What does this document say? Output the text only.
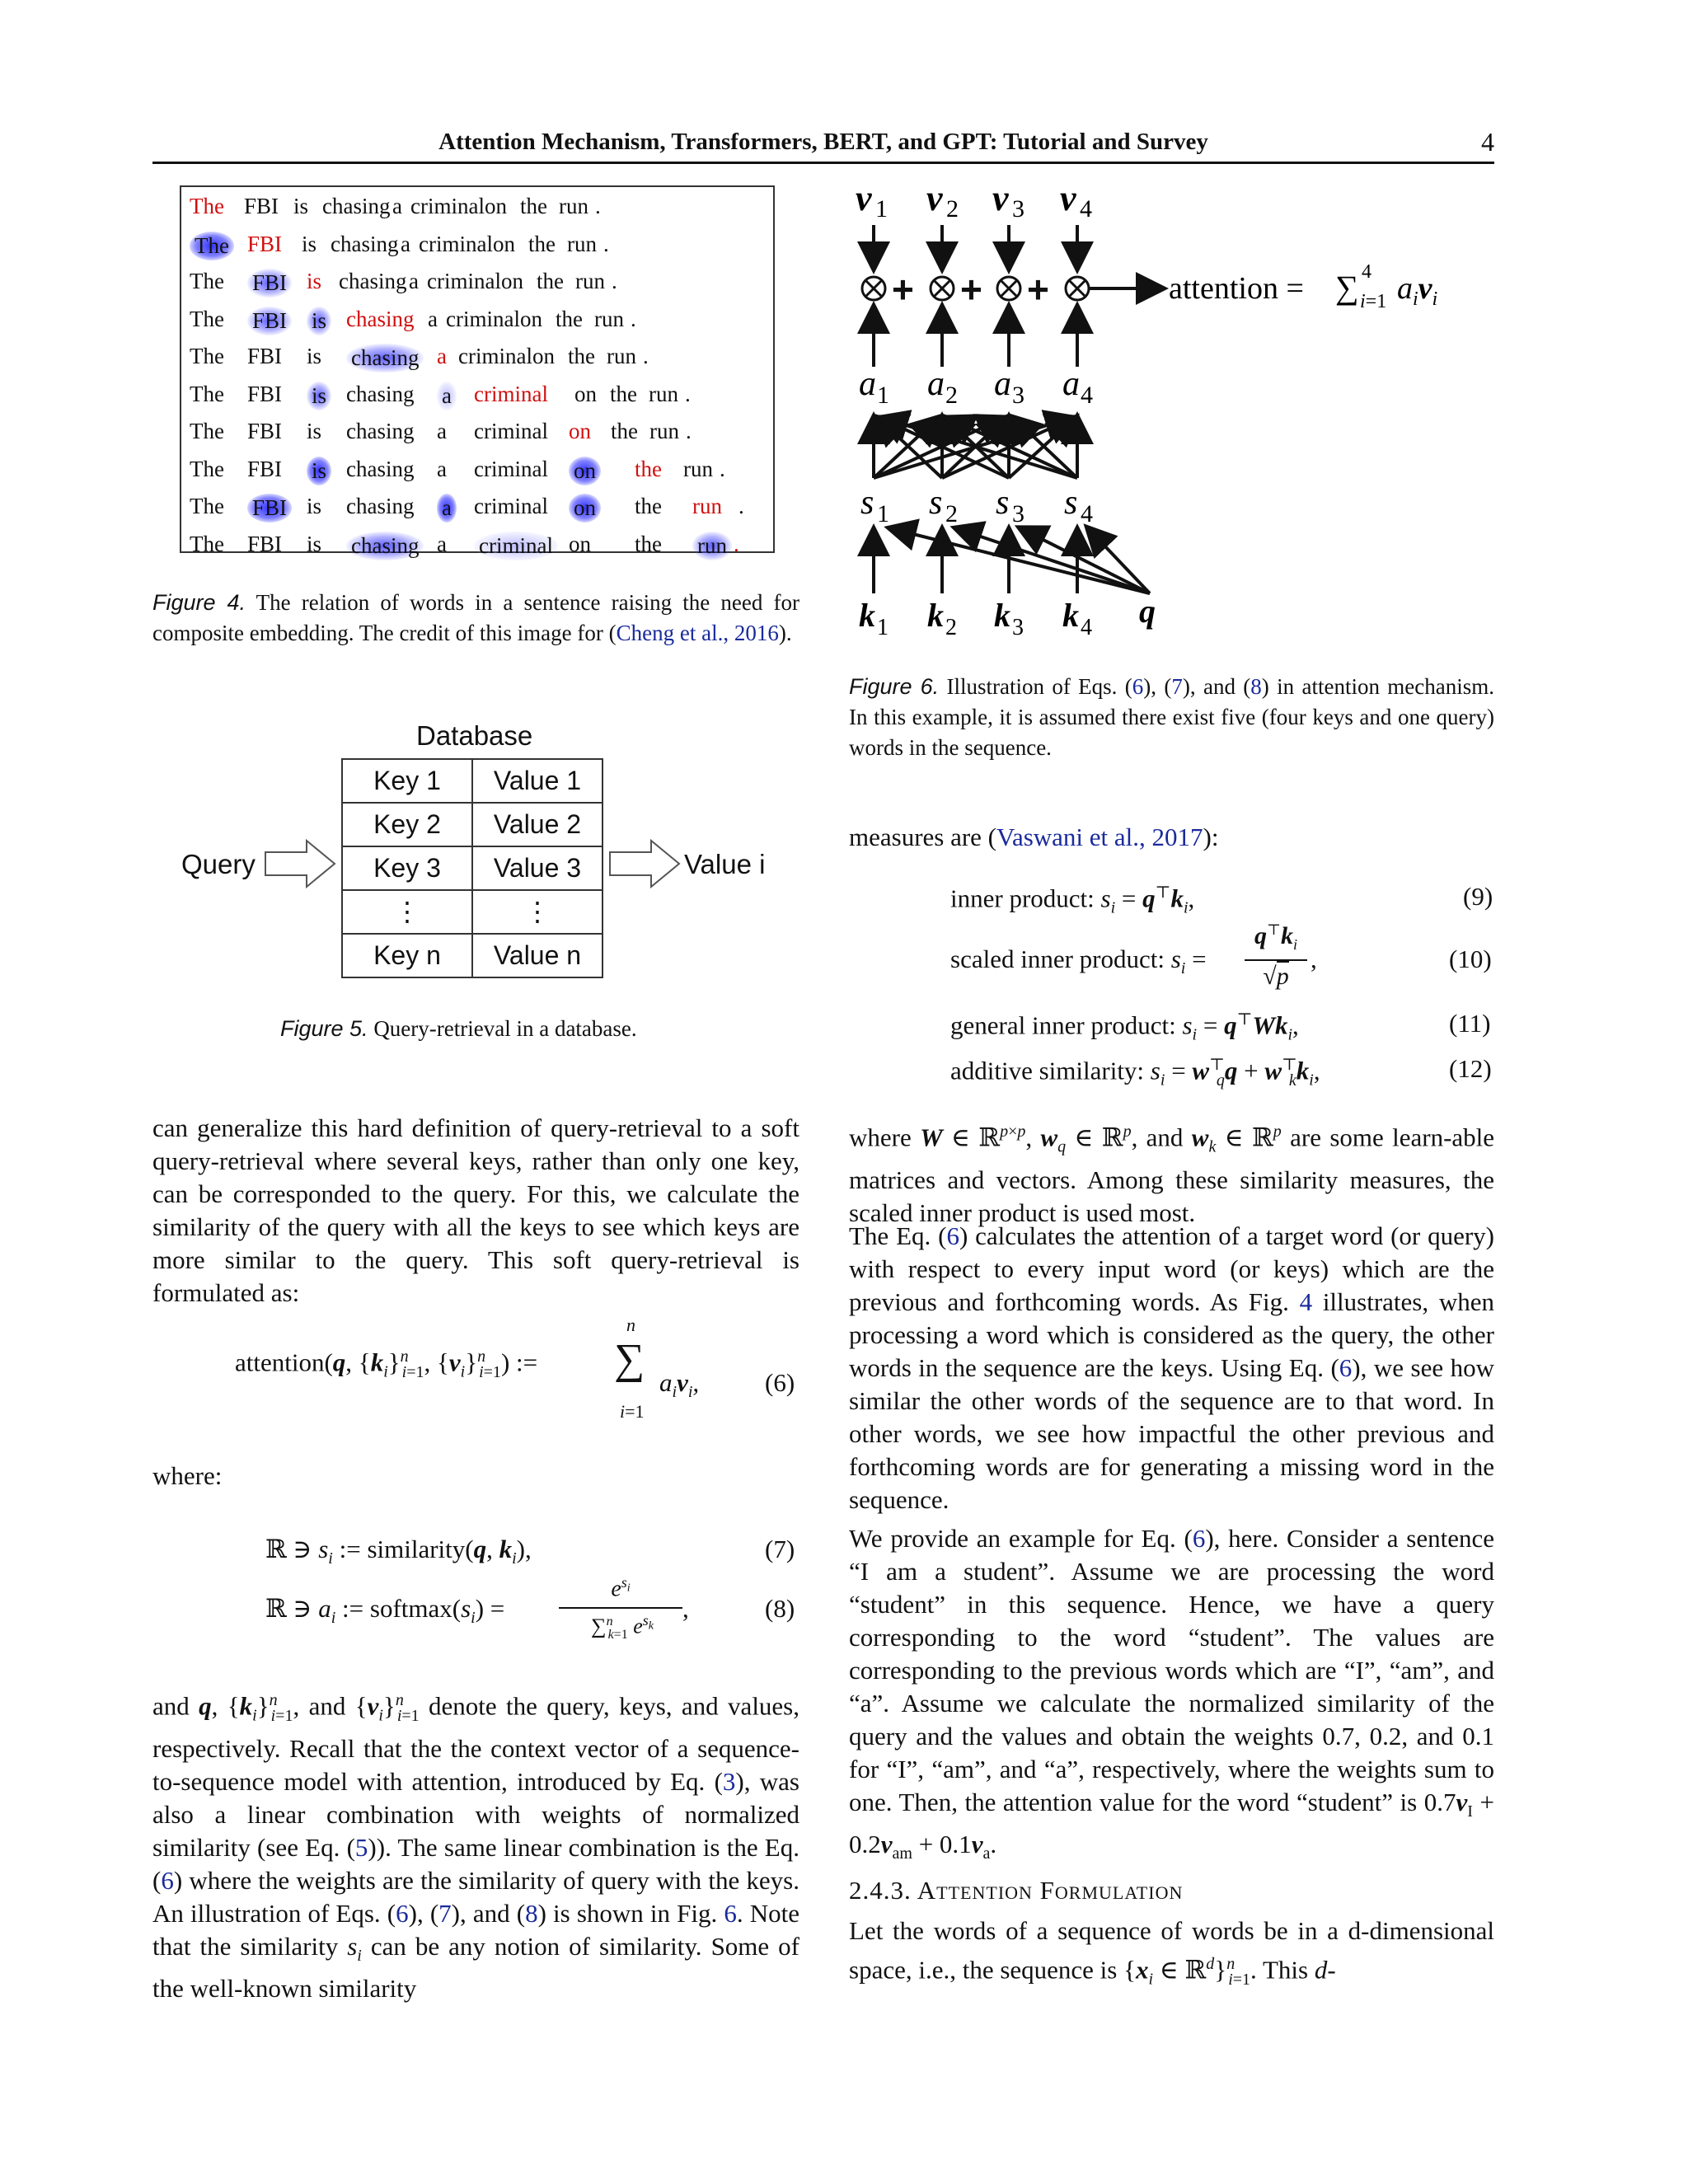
Attention Mechanism, Transformers, BERT, and GPT: Tutorial and Survey	4
The FBI is chasing a criminal on the run .
The FBI is chasing a criminal on the run .
The FBI is chasing a criminal on the run .
The FBI is chasing a criminal on the run .
The FBI is chasing a criminal on the run .
The FBI is chasing a criminal on the run .
The FBI is chasing a criminal on the run .
The FBI is chasing a criminal on the run .
The FBI is chasing a criminal on the run .
The FBI is chasing a criminal on the run .
Figure 4. The relation of words in a sentence raising the need for composite embedding. The credit of this image for (Cheng et al., 2016).
Database
Key 1	Value 1
Key 2	Value 2
Key 3	Value 3
⋮	⋮
Key n	Value n
Query	Value i
Figure 5. Query-retrieval in a database.
v 1 v 2 v 3 v 4
+ + +	attention = ∑ 4
i=1 $a_iv_i$
a a a a
1 2 3 4
s s s s
1 2 3 4
k k k k q
1 2 3 4
Figure 6. Illustration of Eqs. (6), (7), and (8) in attention mechanism. In this example, it is assumed there exist five (four keys and one query) words in the sequence.
can generalize this hard definition of query-retrieval to a soft query-retrieval where several keys, rather than only one key, can be corresponded to the query. For this, we calculate the similarity of the query with all the keys to see which keys are more similar to the query. This soft query-retrieval is formulated as:
attention(q, $\{k_i\}^n_{i=1}$, $\{v_i\}^n_{i=1}$) := ∑
n
i=1
$a_iv_i$,	(6)
where:
ℝ ∋ $s_i$ := similarity(q, $k_i$),	(7)
ℝ ∋ $a_i$ := $softmax(s_i)$ =
$e^{s_i}$
∑$^n_{k=1}$ $e^{s_k}$
,	(8)
and q, $\{k_i\}^n_{i=1}$, and $\{v_i\}^n_{i=1}$ denote the query, keys, and values, respectively. Recall that the the context vector of a sequence-to-sequence model with attention, introduced by Eq. (3), was also a linear combination with weights of normalized similarity (see Eq. (5)). The same linear combination is the Eq. (6) where the weights are the similarity of query with the keys. An illustration of Eqs. (6), (7), and (8) is shown in Fig. 6. Note that the similarity $s_i$ can be any notion of similarity. Some of the well-known similarity
measures are (Vaswani et al., 2017):
inner product: $s_i = q^⊤k_i$,	(9)
scaled inner product: $s_i$ =
$q^⊤k_i$
√p
,	(10)
general inner product: $s_i = q^⊤Wk_i$,	(11)
additive similarity: $s_i = w^⊤_qq + w^⊤_kk_i$,	(12)
where W ∈ ℝ$^{p\times p}$, $w_q$ ∈ ℝ$^p$, and $w_k$ ∈ ℝ$^p$ are some learn-able matrices and vectors. Among these similarity measures, the scaled inner product is used most.
The Eq. (6) calculates the attention of a target word (or query) with respect to every input word (or keys) which are the previous and forthcoming words. As Fig. 4 illustrates, when processing a word which is considered as the query, the other words in the sequence are the keys. Using Eq. (6), we see how similar the other words of the sequence are to that word. In other words, we see how impactful the other previous and forthcoming words are for generating a missing word in the sequence.
We provide an example for Eq. (6), here. Consider a sentence “I am a student”. Assume we are processing the word “student” in this sequence. Hence, we have a query corresponding to the word “student”. The values are corresponding to the previous words which are “I”, “am”, and “a”. Assume we calculate the normalized similarity of the query and the values and obtain the weights 0.7, 0.2, and 0.1 for “I”, “am”, and “a”, respectively, where the weights sum to one. Then, the attention value for the word “student” is $0.7v_I + 0.2v_{am} + 0.1v_a$.
2.4.3. Attention Formulation
Let the words of a sequence of words be in a d-dimensional space, i.e., the sequence is {$x_i$ ∈ ℝ$^d$}$^n_{i=1}$. This d-
